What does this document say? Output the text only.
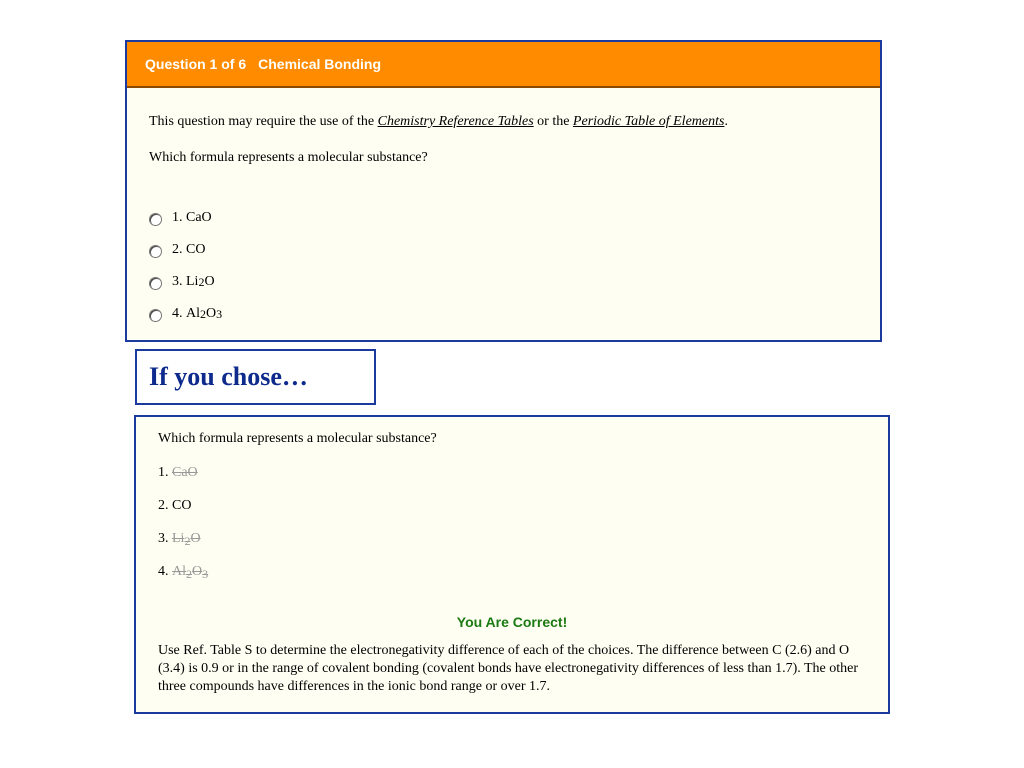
Question 1 of 6 Chemical Bonding
This question may require the use of the Chemistry Reference Tables or the Periodic Table of Elements.
Which formula represents a molecular substance?
1.
CaO
2.
CO
3.
Li 2 O
4.
Al 2 O 3
If you chose…
Which formula represents a molecular substance?
1. CaO
2. CO
3. $Li_2O$
4. $Al_2O_3$
You Are Correct!
Use Ref. Table S to determine the electronegativity difference of each of the choices. The difference between C (2.6) and O (3.4) is 0.9 or in the range of covalent bonding (covalent bonds have electronegativity differences of less than 1.7). The other three compounds have differences in the ionic bond range or over 1.7.
